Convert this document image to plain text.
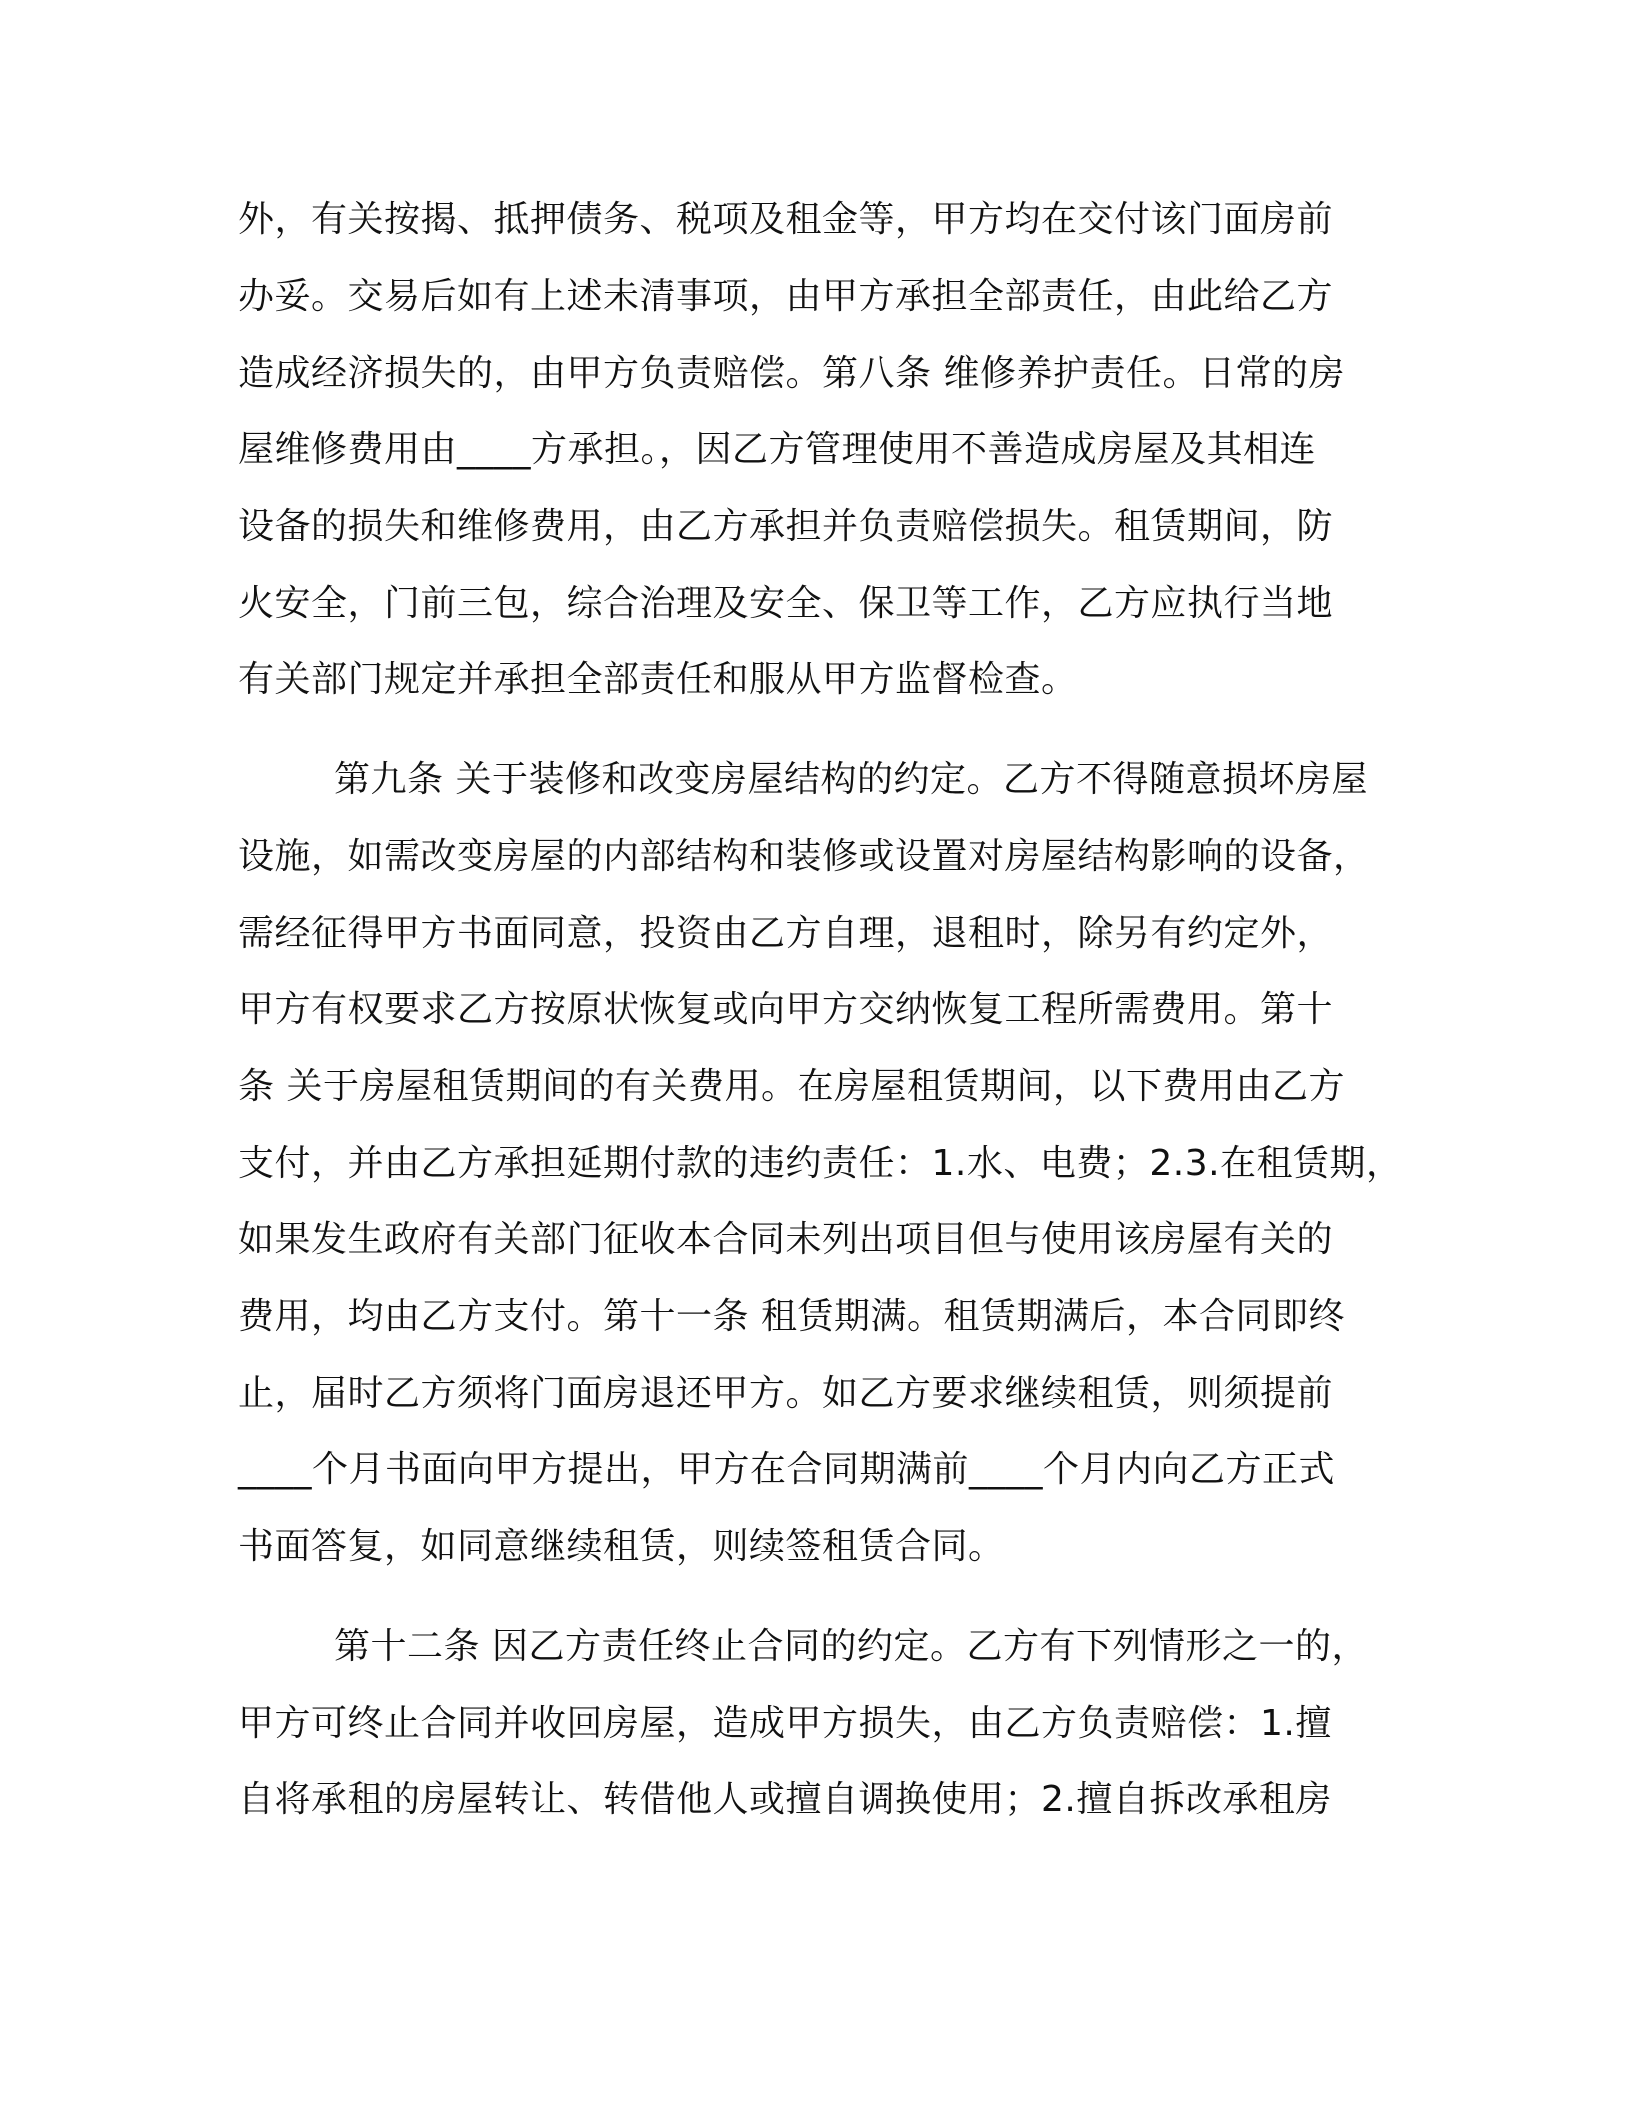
外，有关按揭、抵押债务、税项及租金等，甲方均在交付该门面房前
办妥。交易后如有上述未清事项，由甲方承担全部责任，由此给乙方
造成经济损失的，由甲方负责赔偿。第八条 维修养护责任。日常的房
屋维修费用由____方承担。，因乙方管理使用不善造成房屋及其相连
设备的损失和维修费用，由乙方承担并负责赔偿损失。租赁期间，防
火安全，门前三包，综合治理及安全、保卫等工作，乙方应执行当地
有关部门规定并承担全部责任和服从甲方监督检查。
第九条 关于装修和改变房屋结构的约定。乙方不得随意损坏房屋
设施，如需改变房屋的内部结构和装修或设置对房屋结构影响的设备，
需经征得甲方书面同意，投资由乙方自理，退租时，除另有约定外，
甲方有权要求乙方按原状恢复或向甲方交纳恢复工程所需费用。第十
条 关于房屋租赁期间的有关费用。在房屋租赁期间，以下费用由乙方
支付，并由乙方承担延期付款的违约责任：1.水、电费；2.3.在租赁期，
如果发生政府有关部门征收本合同未列出项目但与使用该房屋有关的
费用，均由乙方支付。第十一条 租赁期满。租赁期满后，本合同即终
止，届时乙方须将门面房退还甲方。如乙方要求继续租赁，则须提前
____个月书面向甲方提出，甲方在合同期满前____个月内向乙方正式
书面答复，如同意继续租赁，则续签租赁合同。
第十二条 因乙方责任终止合同的约定。乙方有下列情形之一的，
甲方可终止合同并收回房屋，造成甲方损失，由乙方负责赔偿：1.擅
自将承租的房屋转让、转借他人或擅自调换使用；2.擅自拆改承租房
